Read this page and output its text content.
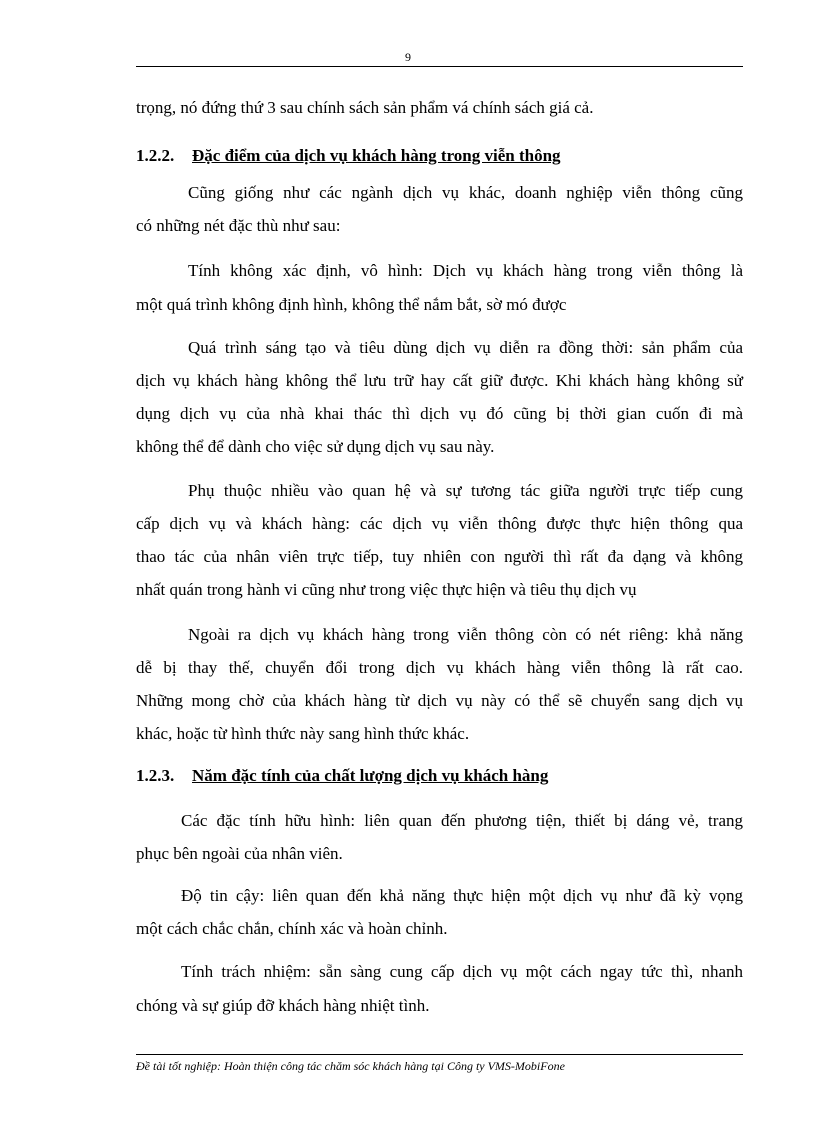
9
trọng, nó đứng thứ 3 sau chính sách sản phẩm vá chính sách giá cả.
1.2.2. Đặc điểm của dịch vụ khách hàng trong viễn thông
Cũng giống như các ngành dịch vụ khác, doanh nghiệp viễn thông cũng
có những nét đặc thù như sau:
Tính không xác định, vô hình: Dịch vụ khách hàng trong viễn thông là
một quá trình không định hình, không thể nắm bắt, sờ mó được
Quá trình sáng tạo và tiêu dùng dịch vụ diễn ra đồng thời: sản phẩm của
dịch vụ khách hàng không thể lưu trữ hay cất giữ được. Khi khách hàng không sử
dụng dịch vụ của nhà khai thác thì dịch vụ đó cũng bị thời gian cuốn đi mà
không thể để dành cho việc sử dụng dịch vụ sau này.
Phụ thuộc nhiều vào quan hệ và sự tương tác giữa người trực tiếp cung
cấp dịch vụ và khách hàng: các dịch vụ viễn thông được thực hiện thông qua
thao tác của nhân viên trực tiếp, tuy nhiên con người thì rất đa dạng và không
nhất quán trong hành vi cũng như trong việc thực hiện và tiêu thụ dịch vụ
Ngoài ra dịch vụ khách hàng trong viễn thông còn có nét riêng: khả năng
dễ bị thay thế, chuyển đổi trong dịch vụ khách hàng viễn thông là rất cao.
Những mong chờ của khách hàng từ dịch vụ này có thể sẽ chuyển sang dịch vụ
khác, hoặc từ hình thức này sang hình thức khác.
1.2.3. Năm đặc tính của chất lượng dịch vụ khách hàng
Các đặc tính hữu hình: liên quan đến phương tiện, thiết bị dáng vẻ, trang
phục bên ngoài của nhân viên.
Độ tin cậy: liên quan đến khả năng thực hiện một dịch vụ như đã kỳ vọng
một cách chắc chắn, chính xác và hoàn chỉnh.
Tính trách nhiệm: sẵn sàng cung cấp dịch vụ một cách ngay tức thì, nhanh
chóng và sự giúp đỡ khách hàng nhiệt tình.
Đề tài tốt nghiệp: Hoàn thiện công tác chăm sóc khách hàng tại Công ty VMS-MobiFone
